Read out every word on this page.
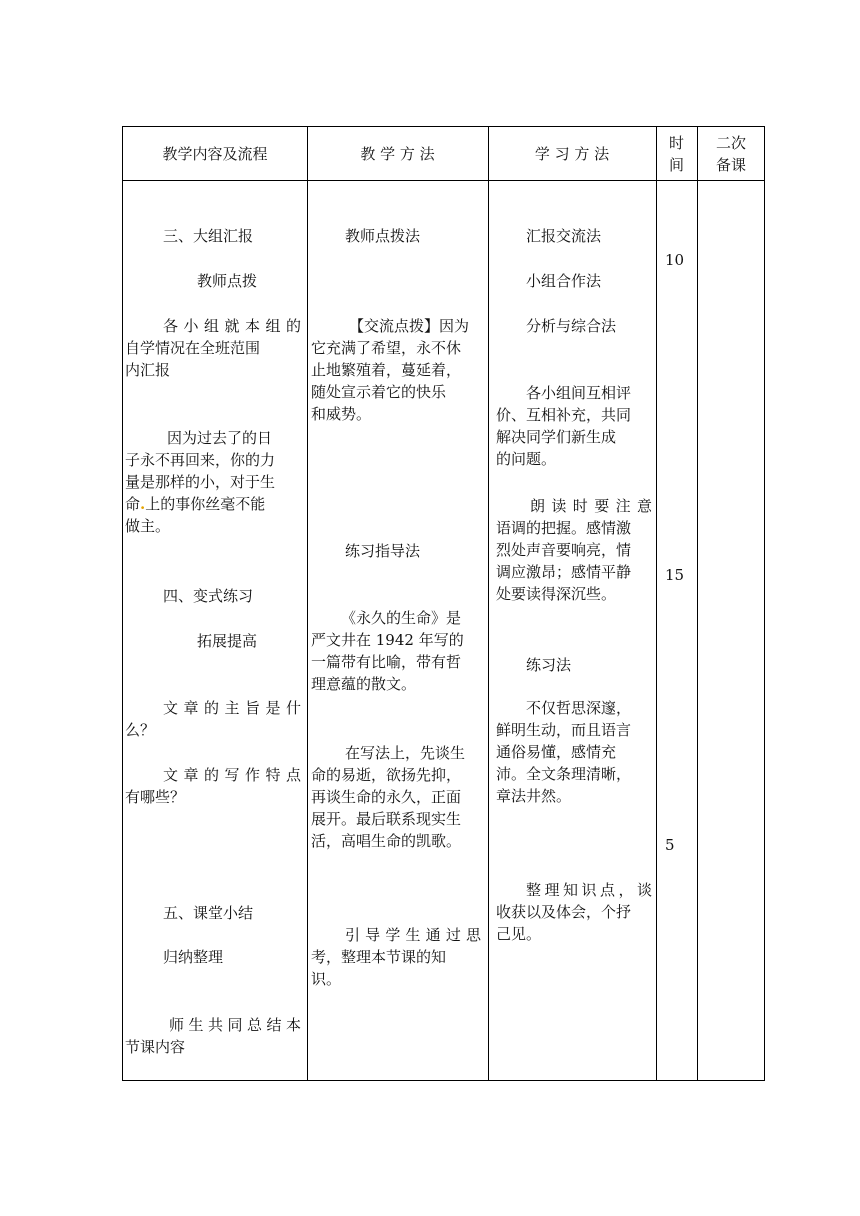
教学内容及流程	教 学 方 法	学 习 方 法
时
间
二次
备课
三、大组汇报
教师点拨
各小组就本组的
自学情况在全班范围
内汇报
因为过去了的日
子永不再回来，你的力
量是那样的小，对于生
命.上的事你丝毫不能
做主。
四、变式练习
拓展提高
文章的主旨是什
么？
文章的写作特点
有哪些？
五、课堂小结
归纳整理
师生共同总结本
节课内容
教师点拨法
【交流点拨】因为
它充满了希望，永不休
止地繁殖着，蔓延着，
随处宣示着它的快乐
和威势。
练习指导法
《永久的生命》是
严文井在 1942 年写的
一篇带有比喻，带有哲
理意蕴的散文。
在写法上，先谈生
命的易逝，欲扬先抑，
再谈生命的永久，正面
展开。最后联系现实生
活，高唱生命的凯歌。
引导学生通过思
考，整理本节课的知
识。
汇报交流法
小组合作法
分析与综合法
各小组间互相评
价、互相补充，共同
解决同学们新生成
的问题。
朗读时要注意
语调的把握。感情激
烈处声音要响亮，情
调应激昂；感情平静
处要读得深沉些。
练习法
不仅哲思深邃，
鲜明生动，而且语言
通俗易懂，感情充
沛。全文条理清晰，
章法井然。
整理知识点，谈
收获以及体会，个抒
己见。
10
15
5
